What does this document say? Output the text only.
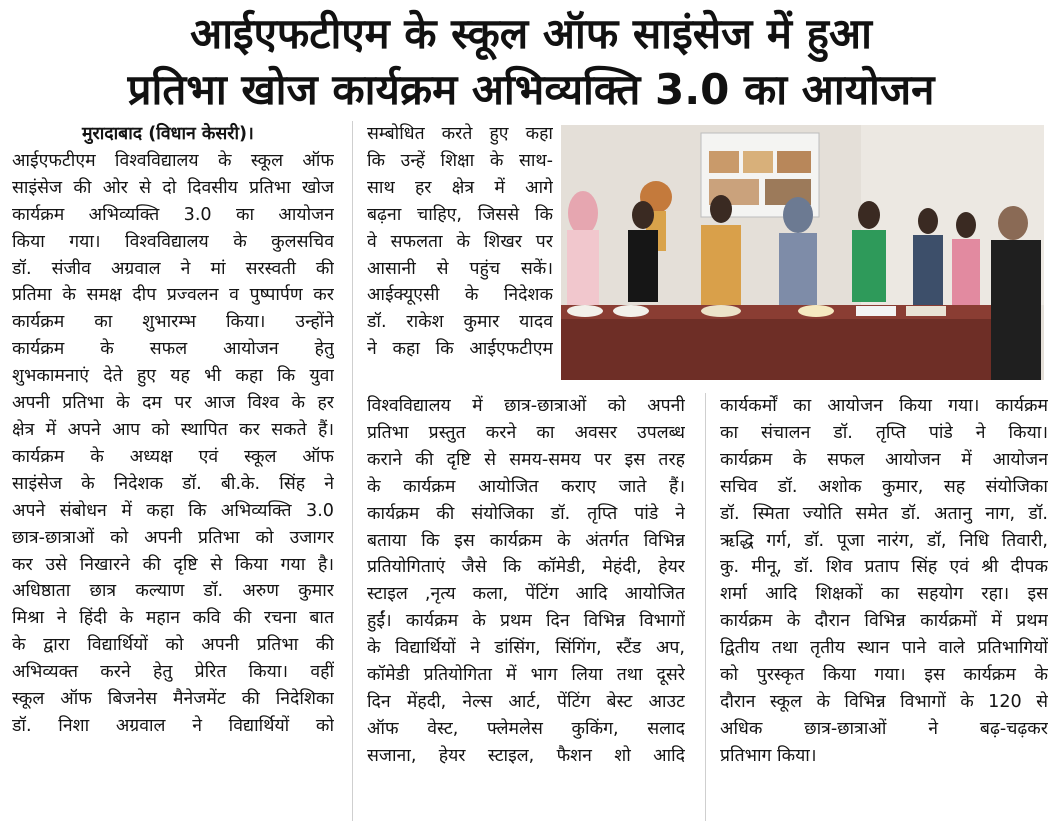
आईएफटीएम के स्कूल ऑफ साइंसेज में हुआ
प्रतिभा खोज कार्यक्रम अभिव्यक्ति 3.0 का आयोजन

मुरादाबाद (विधान केसरी)।

आईएफटीएम विश्वविद्यालय के स्कूल ऑफ

साइंसेज की ओर से दो दिवसीय प्रतिभा खोज

कार्यक्रम अभिव्यक्ति 3.0 का आयोजन

किया गया। विश्वविद्यालय के कुलसचिव

डॉ. संजीव अग्रवाल ने मां सरस्वती की

प्रतिमा के समक्ष दीप प्रज्वलन व पुष्पार्पण कर

कार्यक्रम का शुभारम्भ किया। उन्होंने

कार्यक्रम के सफल आयोजन हेतु

शुभकामनाएं देते हुए यह भी कहा कि युवा

अपनी प्रतिभा के दम पर आज विश्व के हर

क्षेत्र में अपने आप को स्थापित कर सकते हैं।

कार्यक्रम के अध्यक्ष एवं स्कूल ऑफ

साइंसेज के निदेशक डॉ. बी.के. सिंह ने

अपने संबोधन में कहा कि अभिव्यक्ति 3.0

छात्र-छात्राओं को अपनी प्रतिभा को उजागर

कर उसे निखारने की दृष्टि से किया गया है।

अधिष्ठाता छात्र कल्याण डॉ. अरुण कुमार

मिश्रा ने हिंदी के महान कवि की रचना बात

के द्वारा विद्यार्थियों को अपनी प्रतिभा की

अभिव्यक्त करने हेतु प्रेरित किया। वहीं

स्कूल ऑफ बिजनेस मैनेजमेंट की निदेशिका

डॉ. निशा अग्रवाल ने विद्यार्थियों को

सम्बोधित करते हुए कहा

कि उन्हें शिक्षा के साथ-

साथ हर क्षेत्र में आगे

बढ़ना चाहिए, जिससे कि

वे सफलता के शिखर पर

आसानी से पहुंच सकें।

आईक्यूएसी के निदेशक

डॉ. राकेश कुमार यादव

ने कहा कि आईएफटीएम

विश्वविद्यालय में छात्र-छात्राओं को अपनी

प्रतिभा प्रस्तुत करने का अवसर उपलब्ध

कराने की दृष्टि से समय-समय पर इस तरह

के कार्यक्रम आयोजित कराए जाते हैं।

कार्यक्रम की संयोजिका डॉ. तृप्ति पांडे ने

बताया कि इस कार्यक्रम के अंतर्गत विभिन्न

प्रतियोगिताएं जैसे कि कॉमेडी, मेहंदी, हेयर

स्टाइल ,नृत्य कला, पेंटिंग आदि आयोजित

हुईं। कार्यक्रम के प्रथम दिन विभिन्न विभागों

के विद्यार्थियों ने डांसिंग, सिंगिंग, स्टैंड अप,

कॉमेडी प्रतियोगिता में भाग लिया तथा दूसरे

दिन मेंहदी, नेल्स आर्ट, पेंटिंग बेस्ट आउट

ऑफ वेस्ट, फ्लेमलेस कुकिंग, सलाद

सजाना, हेयर स्टाइल, फैशन शो आदि

कार्यकर्मों का आयोजन किया गया। कार्यक्रम

का संचालन डॉ. तृप्ति पांडे ने किया।

कार्यक्रम के सफल आयोजन में आयोजन

सचिव डॉ. अशोक कुमार, सह संयोजिका

डॉ. स्मिता ज्योति समेत डॉ. अतानु नाग, डॉ.

ऋद्धि गर्ग, डॉ. पूजा नारंग, डॉ, निधि तिवारी,

कु. मीनू, डॉ. शिव प्रताप सिंह एवं श्री दीपक

शर्मा आदि शिक्षकों का सहयोग रहा। इस

कार्यक्रम के दौरान विभिन्न कार्यक्रमों में प्रथम

द्वितीय तथा तृतीय स्थान पाने वाले प्रतिभागियों

को पुरस्कृत किया गया। इस कार्यक्रम के

दौरान स्कूल के विभिन्न विभागों के 120 से

अधिक छात्र-छात्राओं ने बढ़-चढ़कर

प्रतिभाग किया।
